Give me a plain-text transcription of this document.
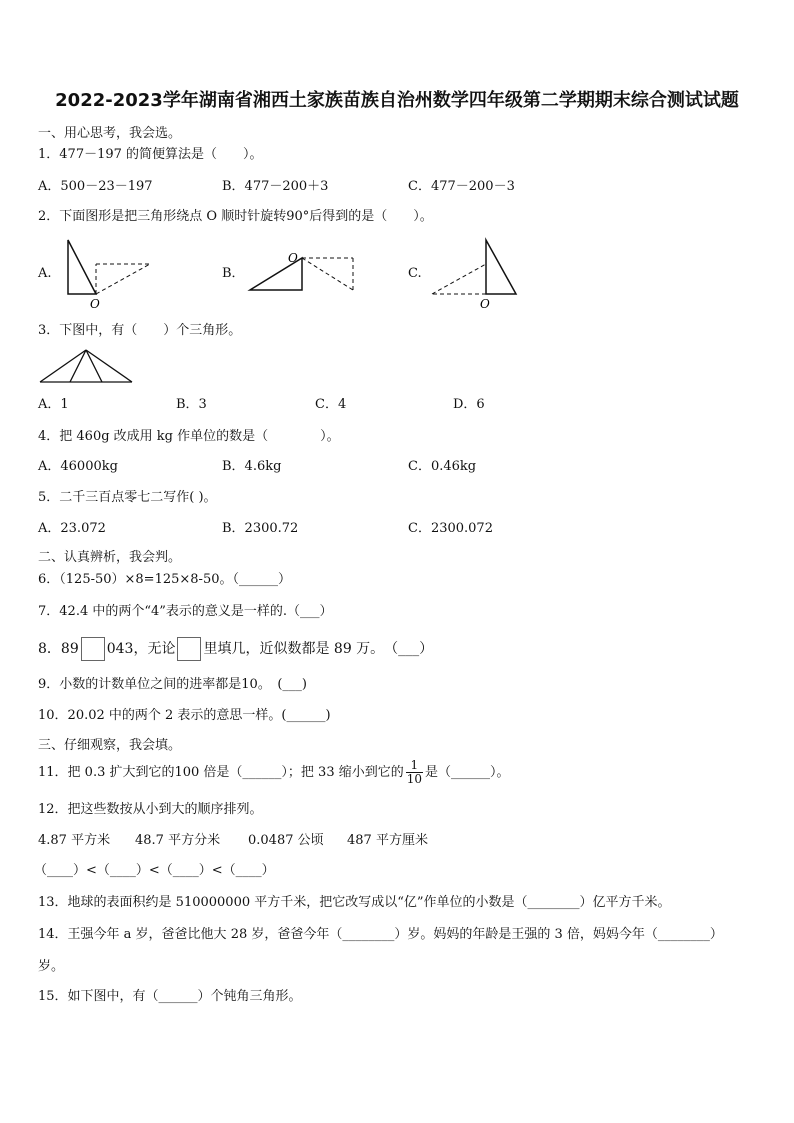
2022-2023学年湖南省湘西土家族苗族自治州数学四年级第二学期期末综合测试试题
一、用心思考，我会选。
1．477－197 的简便算法是（　　）。
A．500－23－197	B．477－200＋3	C．477－200－3
2．下面图形是把三角形绕点 O 顺时针旋转90°后得到的是（　　）。
A.
O
B．
O
C.
O
3．下图中，有（　　）个三角形。
A．1	B．3	C．4	D．6
4．把 460g 改成用 kg 作单位的数是（　　　　）。
A．46000kg	B．4.6kg	C．0.46kg
5．二千三百点零七二写作( )。
A．23.072	B．2300.72	C．2300.072
二、认真辨析，我会判。
6．（125-50）×8=125×8-50。（______）
7．42.4 中的两个“4”表示的意义是一样的.（___）
8．89 043，无论 里填几，近似数都是 89 万。　（___）
9．小数的计数单位之间的进率都是10。　(___)
10．20.02 中的两个 2 表示的意思一样。(______)
三、仔细观察，我会填。
11．把 0.3 扩大到它的100 倍是（______）；把 33 缩小到它的 $\frac{1}{10}$ 是（______）。
12．把这些数按从小到大的顺序排列。
4.87 平方米 48.7 平方分米 0.0487 公顷 487 平方厘米
（____）<（____）<（____）<（____）
13．地球的表面积约是 510000000 平方千米，把它改写成以“亿”作单位的小数是（________）亿平方千米。
14．王强今年 a 岁，爸爸比他大 28 岁，爸爸今年（________）岁。妈妈的年龄是王强的 3 倍，妈妈今年（________）
岁。
15．如下图中，有（______）个钝角三角形。
